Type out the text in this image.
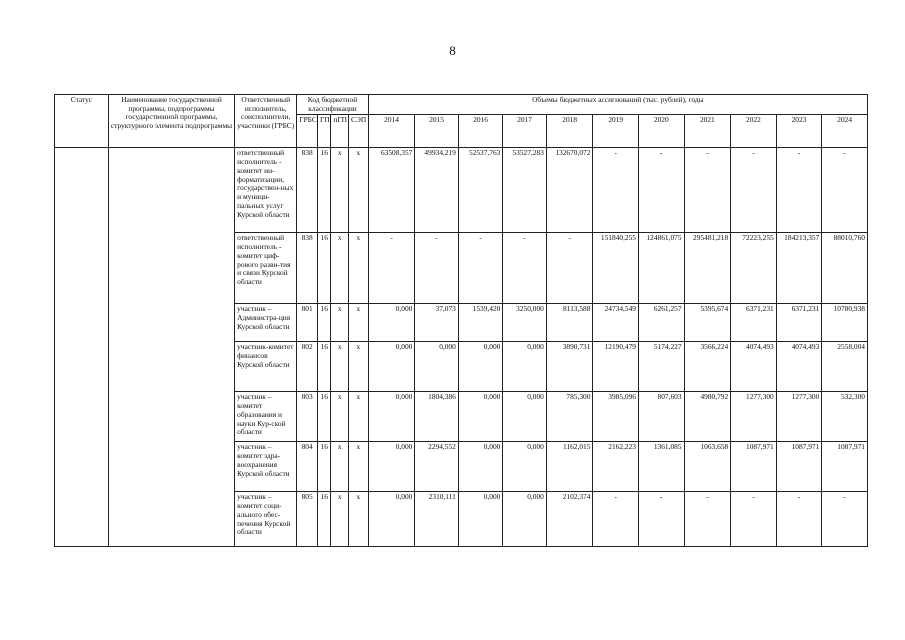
8
Статус	Наименование государственной программы, подпрограммы государственной программы, структурного элемента подпрограммы	Ответственный исполнитель, соисполнители, участники (ГРБС)	Код бюджетной классификации				Объемы бюджетных ассигнований (тыс. рублей), годы										
			ГРБС	ГП	пГП	СЭП	2014	2015	2016	2017	2018	2019	2020	2021	2022	2023	2024
		ответственный исполнитель - комитет ин-форматизации, государствен-ных и муници-пальных услуг Курской области	838	16	х	х	63508,357	49934,219	52537,763	53527,283	132670,072	-	-	-	-	-	-
		ответственный исполнитель - комитет циф-рового разви-тия и связи Курской области	838	16	х	х	-	-	-	-	-	151840,255	124861,075	295481,218	72223,255	184213,357	88010,760
		участник – Администра-ция Курской области	801	16	х	х	0,000	37,073	1539,420	3250,000	8113,588	24734,549	6261,257	5395,674	6371,231	6371,231	10780,938
		участник-комитет финансов Курской области	802	16	х	х	0,000	0,000	0,000	0,000	3890,731	12190,479	5174,227	3566,224	4074,493	4074,493	2558,004
		участник – комитет образования и науки Кур-ской области	803	16	х	х	0,000	1804,386	0,000	0,000	785,300	3985,096	807,603	4980,792	1277,300	1277,300	532,300
		участник – комитет здра-воохранения Курской области	804	16	х	х	0,000	2294,552	0,000	0,000	1162,015	2162,223	1361,085	1063,658	1087,971	1087,971	1087,971
		участник – комитет соци-ального обес-печения Курской области	805	16	х	х	0,000	2310,111	0,000	0,000	2102,374	-	-	-	-	-	-
